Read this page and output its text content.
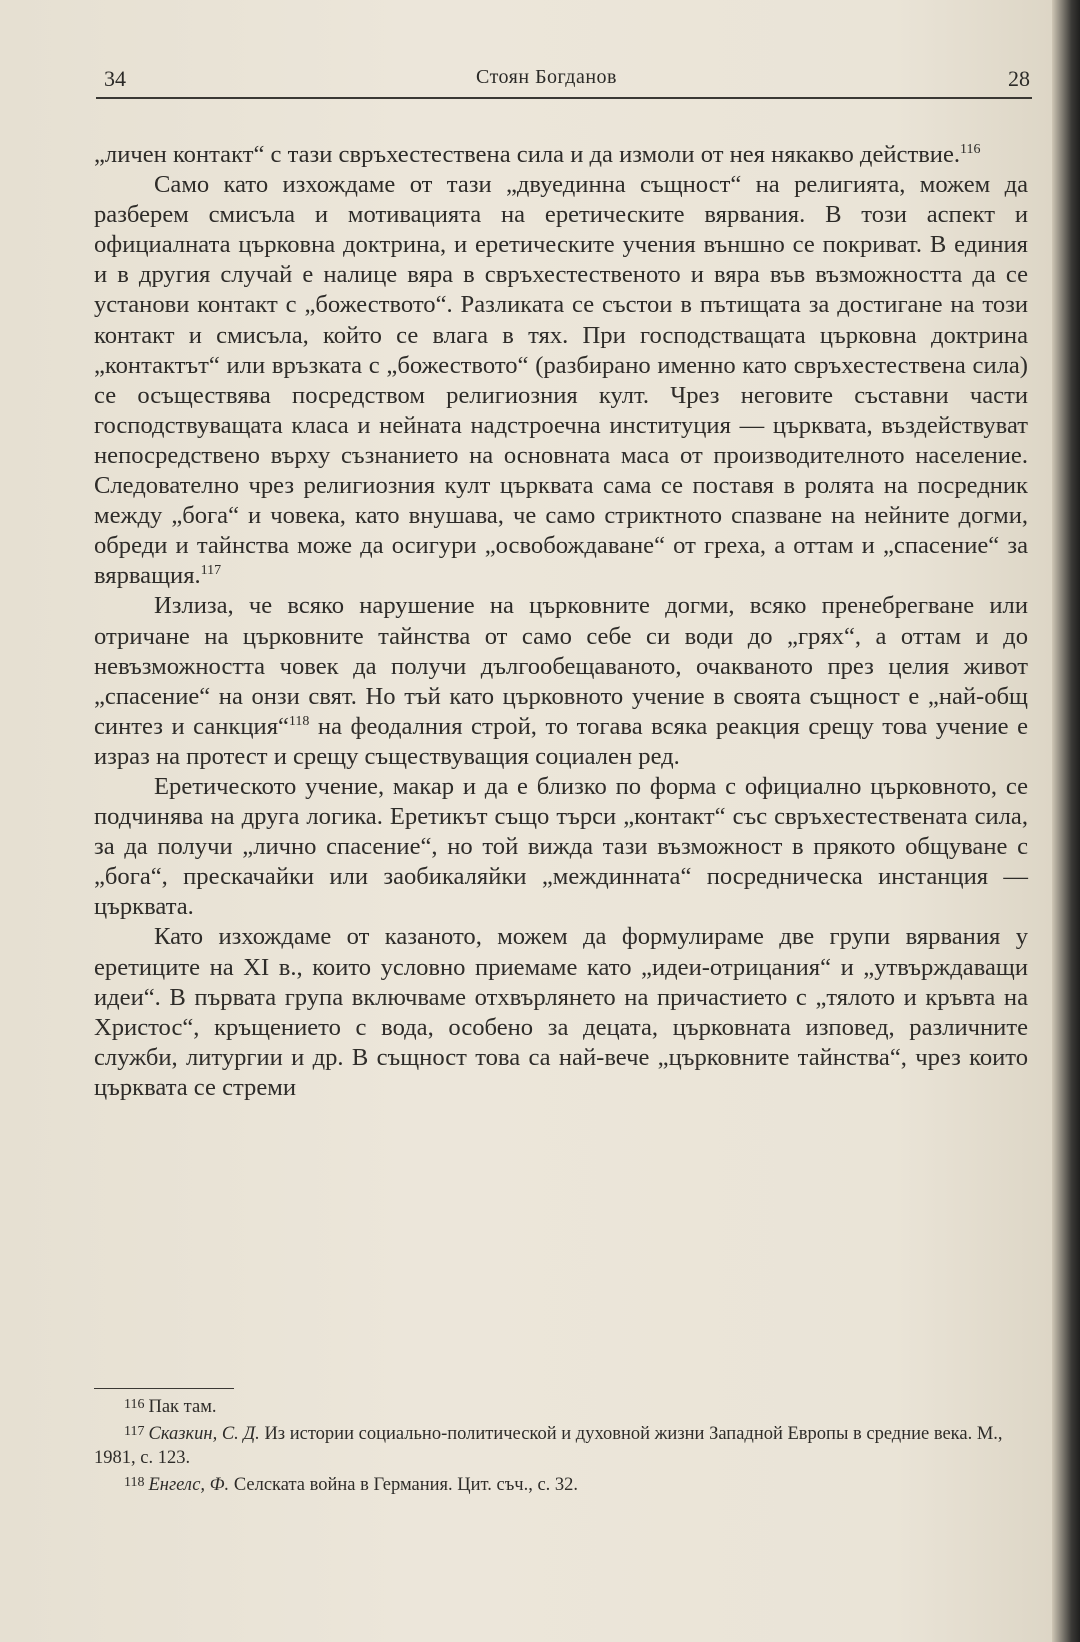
34	Стоян Богданов	28

„личен контакт“ с тази свръхестествена сила и да измоли от нея някакво действие.$^{116}$

Само като изхождаме от тази „двуединна същност“ на религията, можем да разберем смисъла и мотивацията на еретическите вярвания. В този аспект и официалната църковна доктрина, и еретическите учения външно се покриват. В единия и в другия случай е налице вяра в свръхестественото и вяра във възможността да се установи контакт с „божеството“. Разликата се състои в пътищата за достигане на този контакт и смисъла, който се влага в тях. При господстващата църковна доктрина „контактът“ или връзката с „божеството“ (разбирано именно като свръхестествена сила) се осъществява посредством религиозния култ. Чрез неговите съставни части господствуващата класа и нейната надстроечна институция — църквата, въздействуват непосредствено върху съзнанието на основната маса от производителното население. Следователно чрез религиозния култ църквата сама се поставя в ролята на посредник между „бога“ и човека, като внушава, че само стриктното спазване на нейните догми, обреди и тайнства може да осигури „освобождаване“ от греха, а оттам и „спасение“ за вярващия.$^{117}$

Излиза, че всяко нарушение на църковните догми, всяко пренебрегване или отричане на църковните тайнства от само себе си води до „грях“, а оттам и до невъзможността човек да получи дългообещаваното, очакваното през целия живот „спасение“ на онзи свят. Но тъй като църковното учение в своята същност е „най-общ синтез и санкция“$^{118}$ на феодалния строй, то тогава всяка реакция срещу това учение е израз на протест и срещу съществуващия социален ред.

Еретическото учение, макар и да е близко по форма с официално църковното, се подчинява на друга логика. Еретикът също търси „контакт“ със свръхестествената сила, за да получи „лично спасение“, но той вижда тази възможност в прякото общуване с „бога“, прескачайки или заобикаляйки „междинната“ посредническа инстанция — църквата.

Като изхождаме от казаното, можем да формулираме две групи вярвания у еретиците на XI в., които условно приемаме като „идеи-отрицания“ и „утвърждаващи идеи“. В първата група включваме отхвърлянето на причастието с „тялото и кръвта на Христос“, кръщението с вода, особено за децата, църковната изповед, различните служби, литургии и др. В същност това са най-вече „църковните тайнства“, чрез които църквата се стреми

$^{116}$ Пак там.

$^{117}$ Сказкин, С. Д. Из истории социально-политической и духовной жизни Западной Европы в средние века. М., 1981, с. 123.

$^{118}$ Енгелс, Ф. Селската война в Германия. Цит. съч., с. 32.
